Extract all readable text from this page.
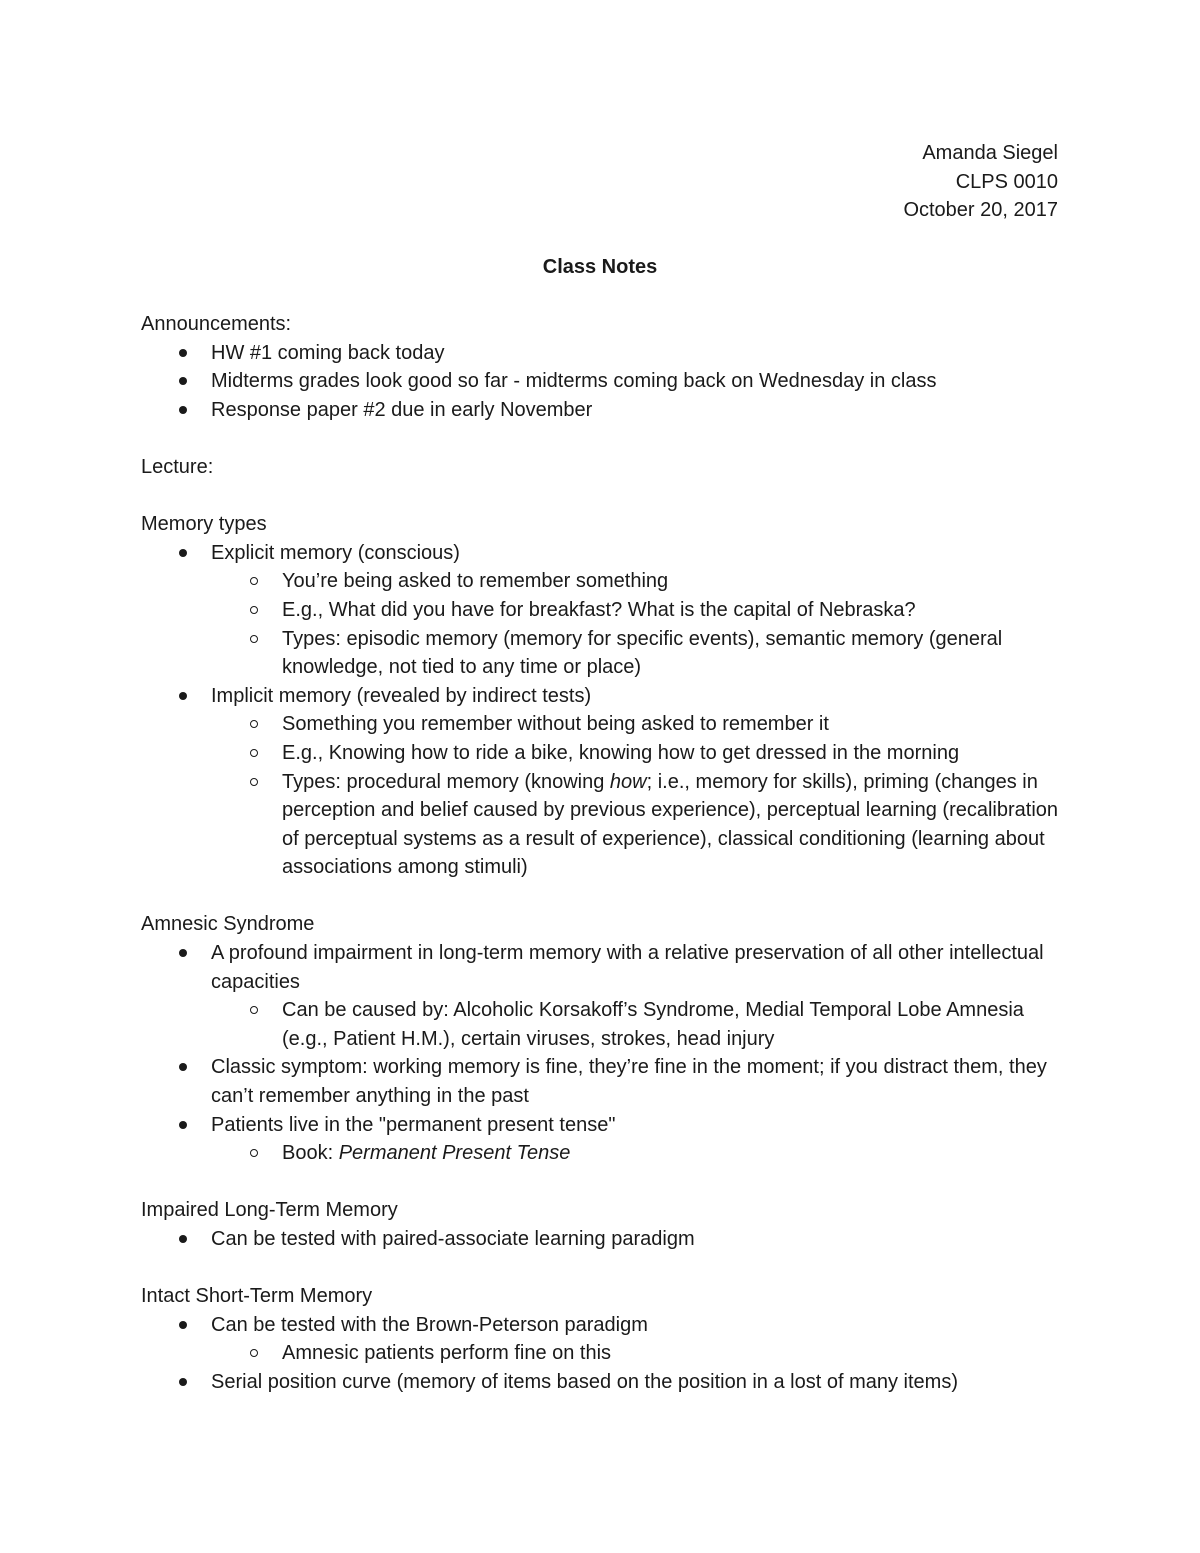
Amanda Siegel
CLPS 0010
October 20, 2017
Class Notes
Announcements:
HW #1 coming back today
Midterms grades look good so far - midterms coming back on Wednesday in class
Response paper #2 due in early November
Lecture:
Memory types
Explicit memory (conscious)
You’re being asked to remember something
E.g., What did you have for breakfast? What is the capital of Nebraska?
Types: episodic memory (memory for specific events), semantic memory (general knowledge, not tied to any time or place)
Implicit memory (revealed by indirect tests)
Something you remember without being asked to remember it
E.g., Knowing how to ride a bike, knowing how to get dressed in the morning
Types: procedural memory (knowing how; i.e., memory for skills), priming (changes in perception and belief caused by previous experience), perceptual learning (recalibration of perceptual systems as a result of experience), classical conditioning (learning about associations among stimuli)
Amnesic Syndrome
A profound impairment in long-term memory with a relative preservation of all other intellectual capacities
Can be caused by: Alcoholic Korsakoff’s Syndrome, Medial Temporal Lobe Amnesia (e.g., Patient H.M.), certain viruses, strokes, head injury
Classic symptom: working memory is fine, they’re fine in the moment; if you distract them, they can’t remember anything in the past
Patients live in the "permanent present tense"
Book: Permanent Present Tense
Impaired Long-Term Memory
Can be tested with paired-associate learning paradigm
Intact Short-Term Memory
Can be tested with the Brown-Peterson paradigm
Amnesic patients perform fine on this
Serial position curve (memory of items based on the position in a lost of many items)
